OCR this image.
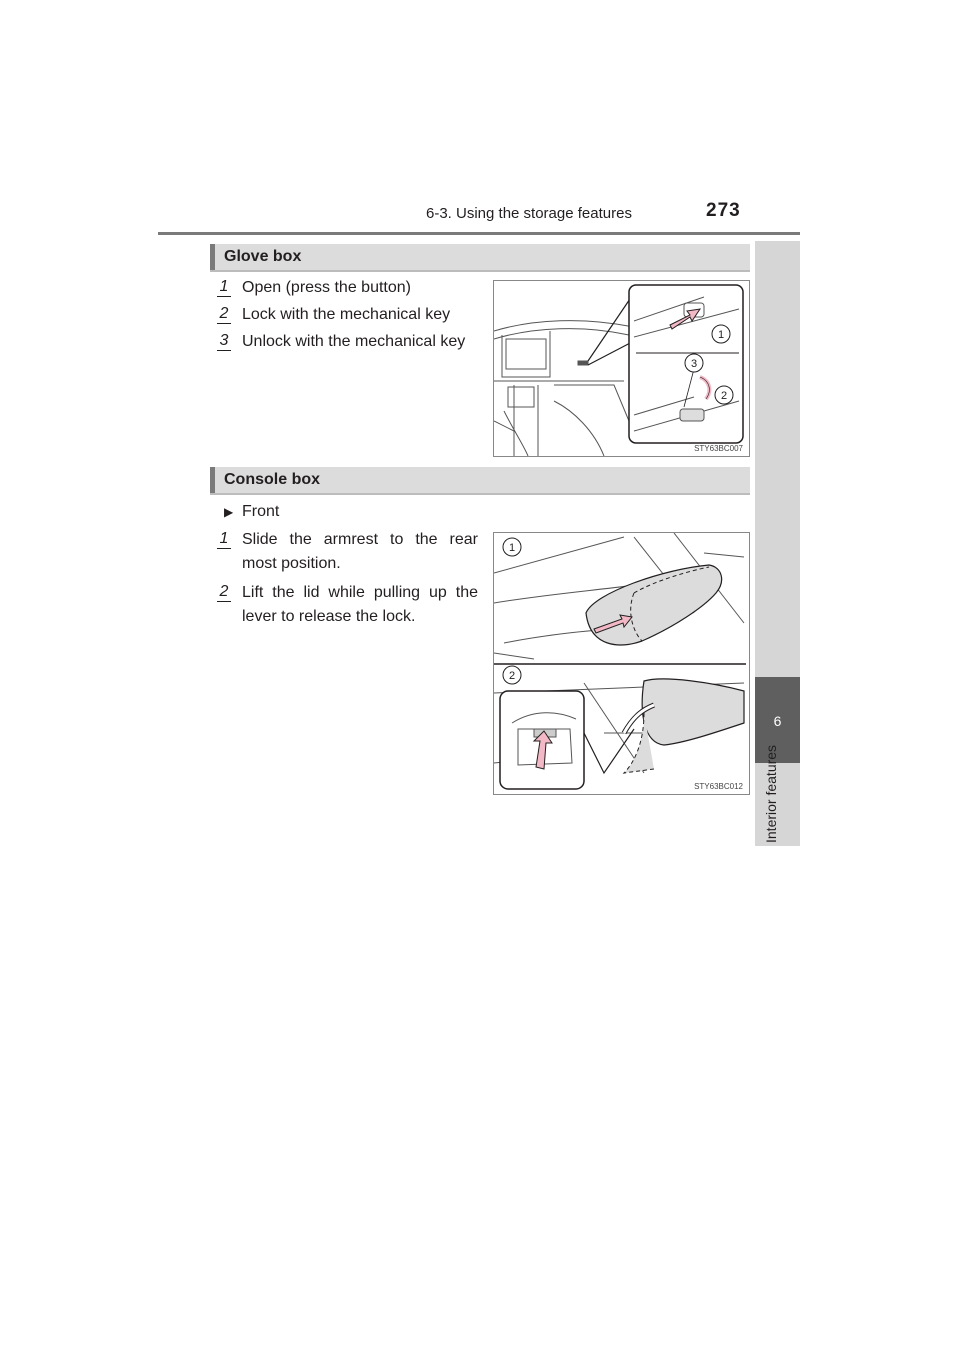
6-3. Using the storage features	273
6
Interior features
Glove box
1 Open (press the button)
2 Lock with the mechanical key
3 Unlock with the mechanical key	1
2
3
STY63BC007
Console box
▶ Front
1 Slide the armrest to the rear most position.
2 Lift the lid while pulling up the lever to release the lock.
1
2
STY63BC012
